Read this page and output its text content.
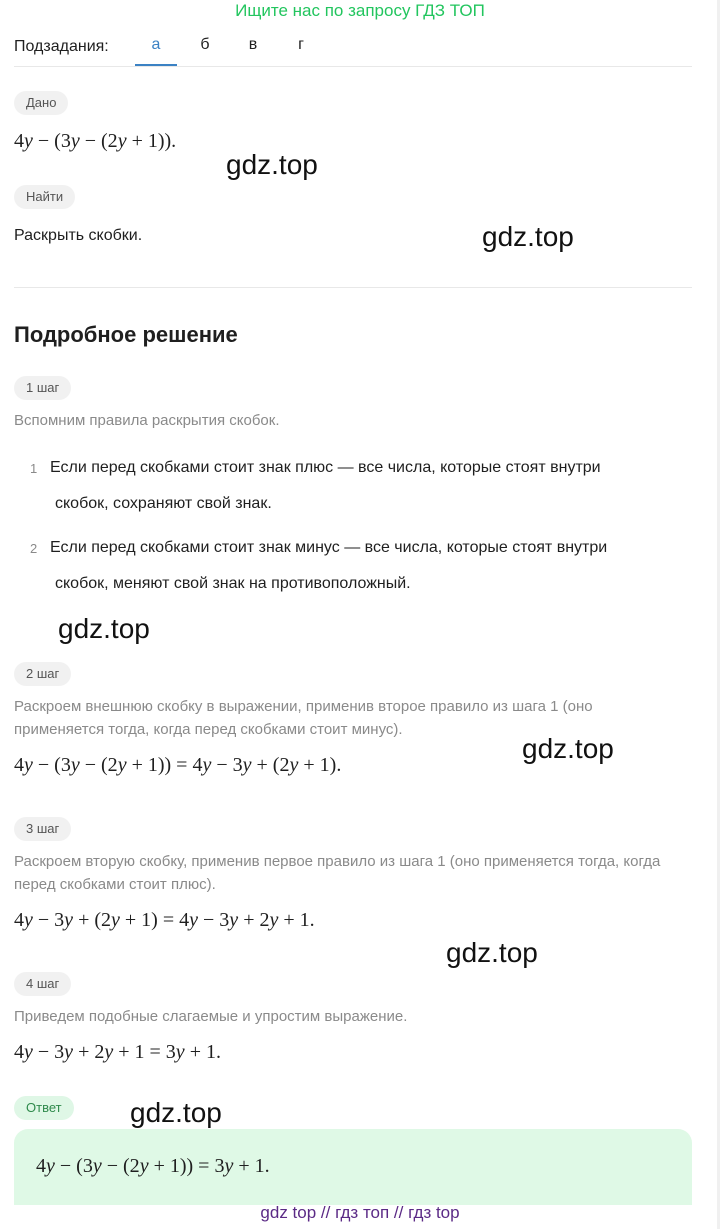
Ищите нас по запросу ГДЗ ТОП
Подзадания:	а	б	в	г
Дано
4y − (3y − (2y + 1)).
Найти
Раскрыть скобки.
Подробное решение
1 шаг
Вспомним правила раскрытия скобок.
1 Если перед скобками стоит знак плюс — все числа, которые стоят внутри
скобок, сохраняют свой знак.
2 Если перед скобками стоит знак минус — все числа, которые стоят внутри
скобок, меняют свой знак на противоположный.
2 шаг
Раскроем внешнюю скобку в выражении, применив второе правило из шага 1 (оно применяется тогда, когда перед скобками стоит минус).
4y − (3y − (2y + 1)) = 4y − 3y + (2y + 1).
3 шаг
Раскроем вторую скобку, применив первое правило из шага 1 (оно применяется тогда, когда перед скобками стоит плюс).
4y − 3y + (2y + 1) = 4y − 3y + 2y + 1.
4 шаг
Приведем подобные слагаемые и упростим выражение.
4y − 3y + 2y + 1 = 3y + 1.
Ответ
4y − (3y − (2y + 1)) = 3y + 1.
gdz.top
gdz.top
gdz.top
gdz.top
gdz.top
gdz.top
gdz top // гдз топ // гдз top
